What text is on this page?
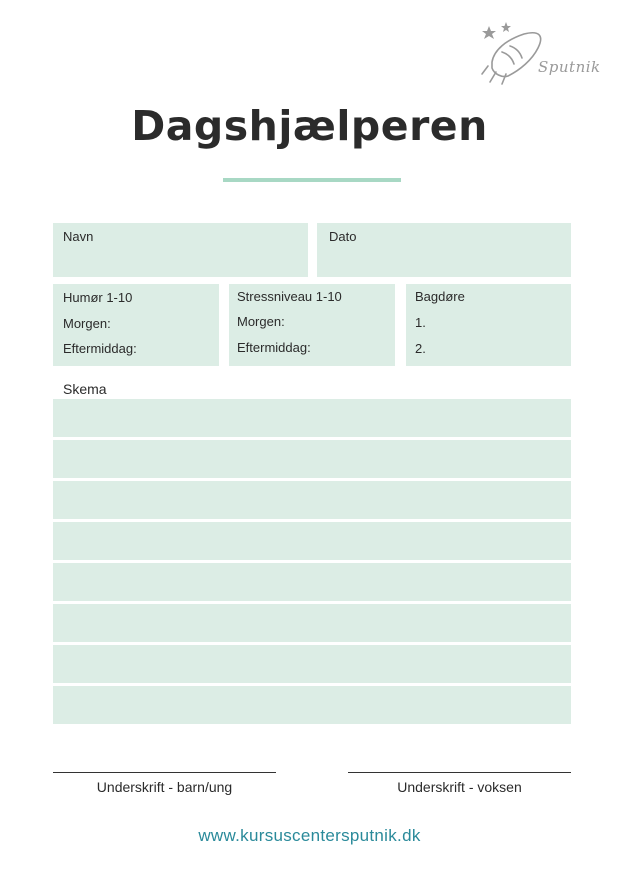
Sputnik
Dagshjælperen
Navn	Dato
Humør 1-10
Morgen:
Eftermiddag:
Stressniveau 1-10
Morgen:
Eftermiddag:
Bagdøre
1.
2.
Skema
Underskrift - barn/ung	Underskrift - voksen
www.kursuscentersputnik.dk
